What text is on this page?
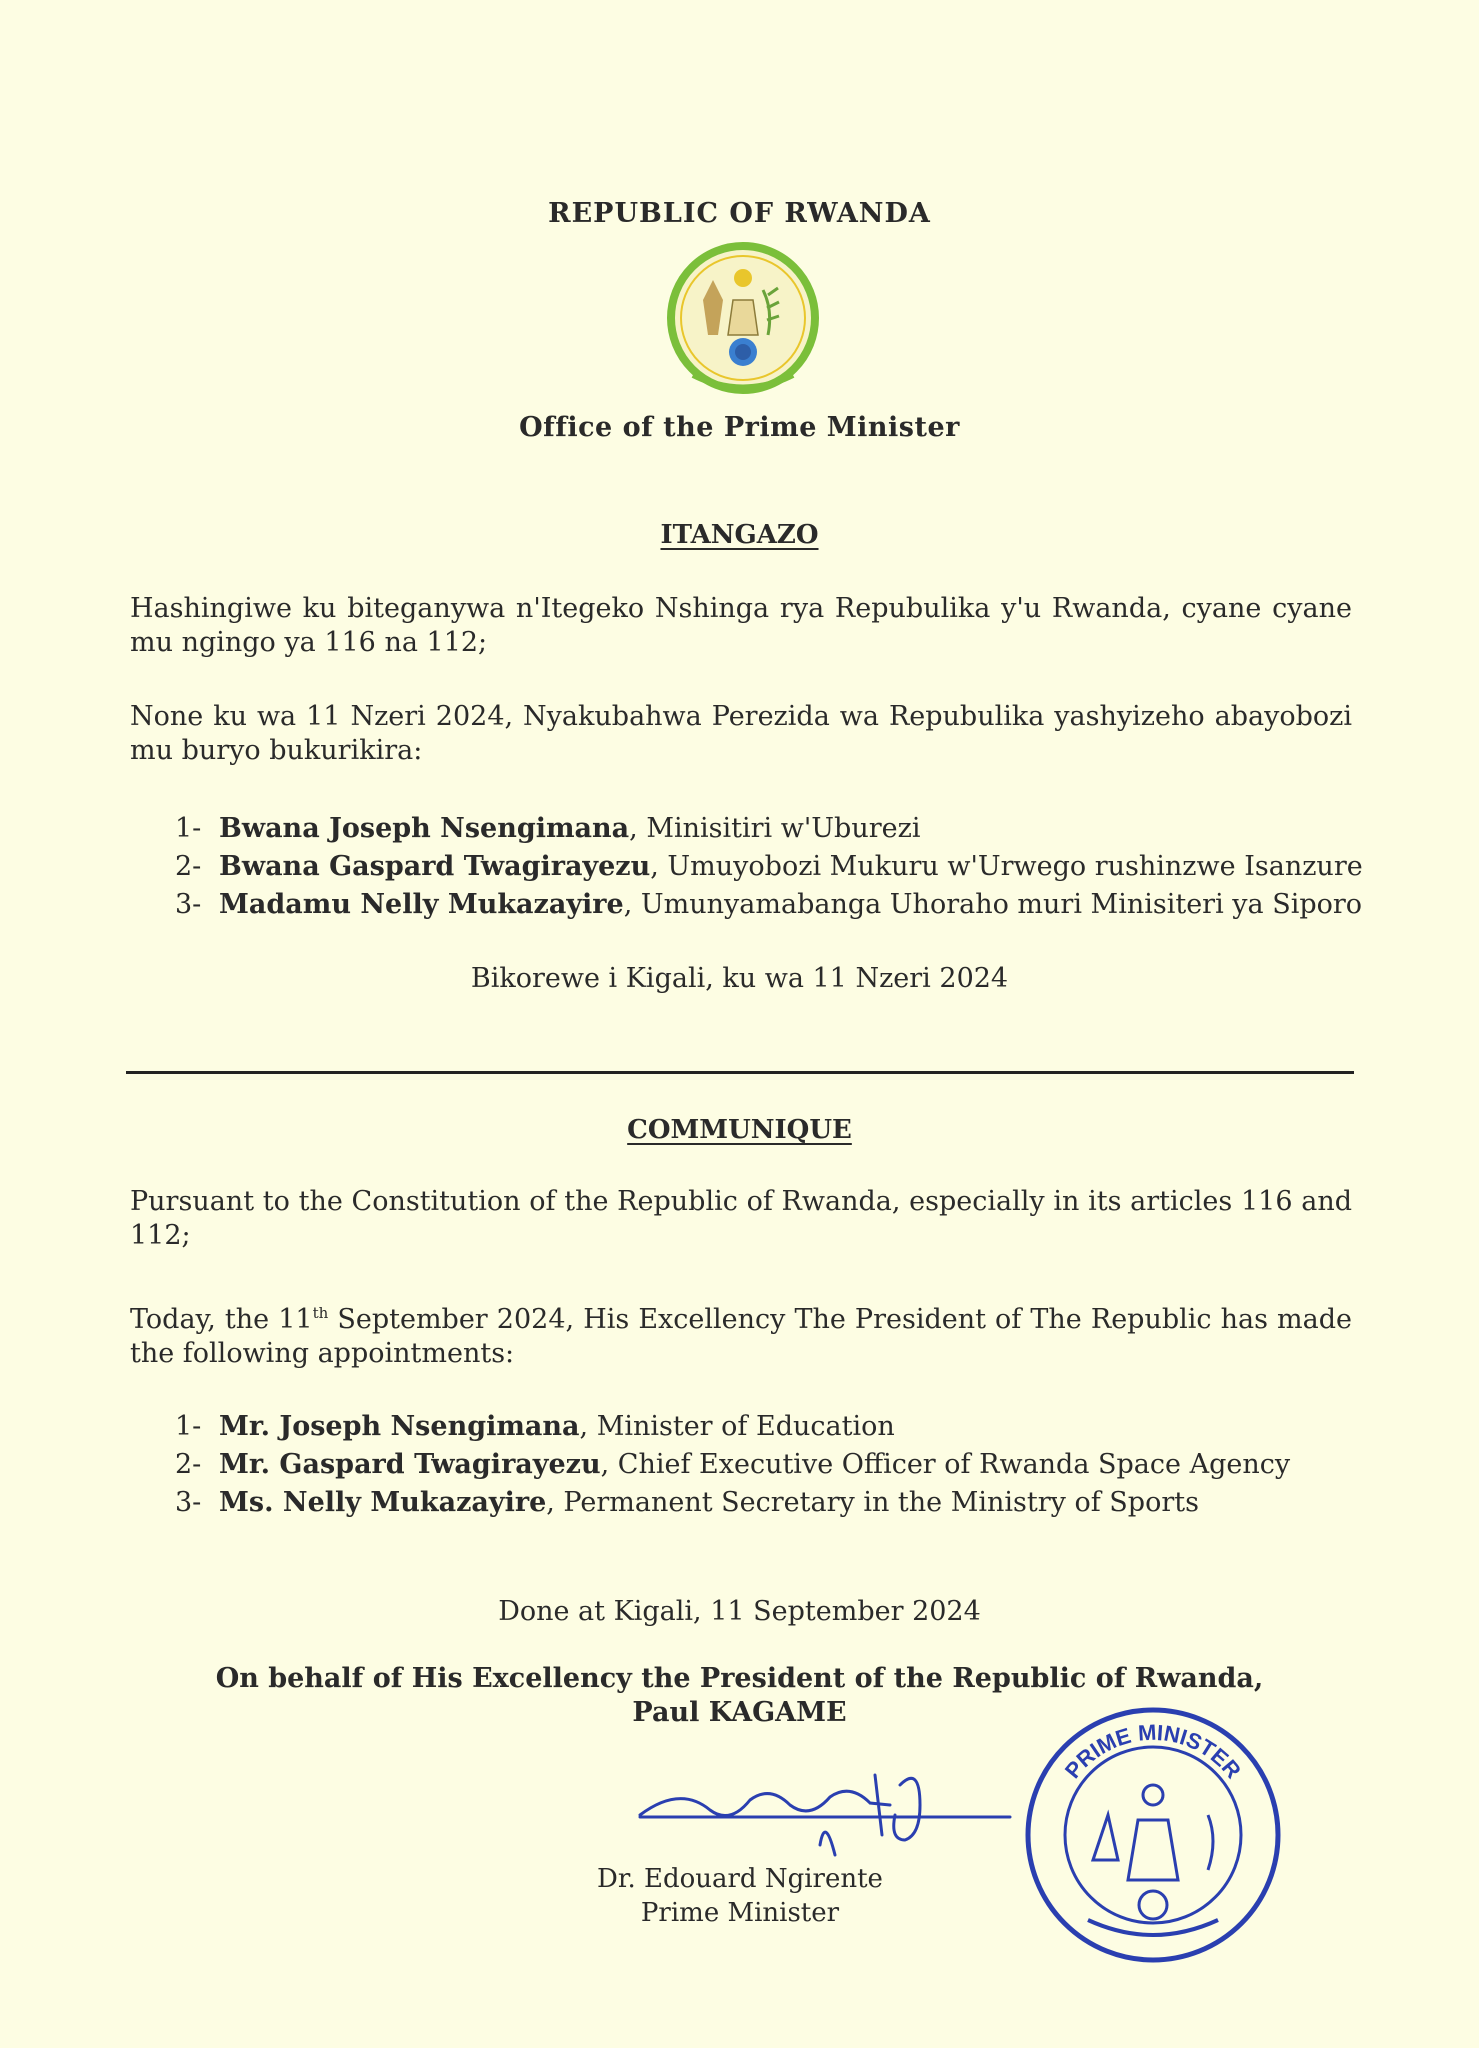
REPUBLIC OF RWANDA
Office of the Prime Minister
ITANGAZO
Hashingiwe ku biteganywa n'Itegeko Nshinga rya Repubulika y'u Rwanda, cyane cyane mu ngingo ya 116 na 112;
None ku wa 11 Nzeri 2024, Nyakubahwa Perezida wa Repubulika yashyizeho abayobozi mu buryo bukurikira:
1- Bwana Joseph Nsengimana, Minisitiri w'Uburezi
2- Bwana Gaspard Twagirayezu, Umuyobozi Mukuru w'Urwego rushinzwe Isanzure
3- Madamu Nelly Mukazayire, Umunyamabanga Uhoraho muri Minisiteri ya Siporo
Bikorewe i Kigali, ku wa 11 Nzeri 2024
COMMUNIQUE
Pursuant to the Constitution of the Republic of Rwanda, especially in its articles 116 and 112;
Today, the 11th September 2024, His Excellency The President of The Republic has made the following appointments:
1- Mr. Joseph Nsengimana, Minister of Education
2- Mr. Gaspard Twagirayezu, Chief Executive Officer of Rwanda Space Agency
3- Ms. Nelly Mukazayire, Permanent Secretary in the Ministry of Sports
Done at Kigali, 11 September 2024
On behalf of His Excellency the President of the Republic of Rwanda,
Paul KAGAME
Dr. Edouard Ngirente
Prime Minister
PRIME MINISTER
